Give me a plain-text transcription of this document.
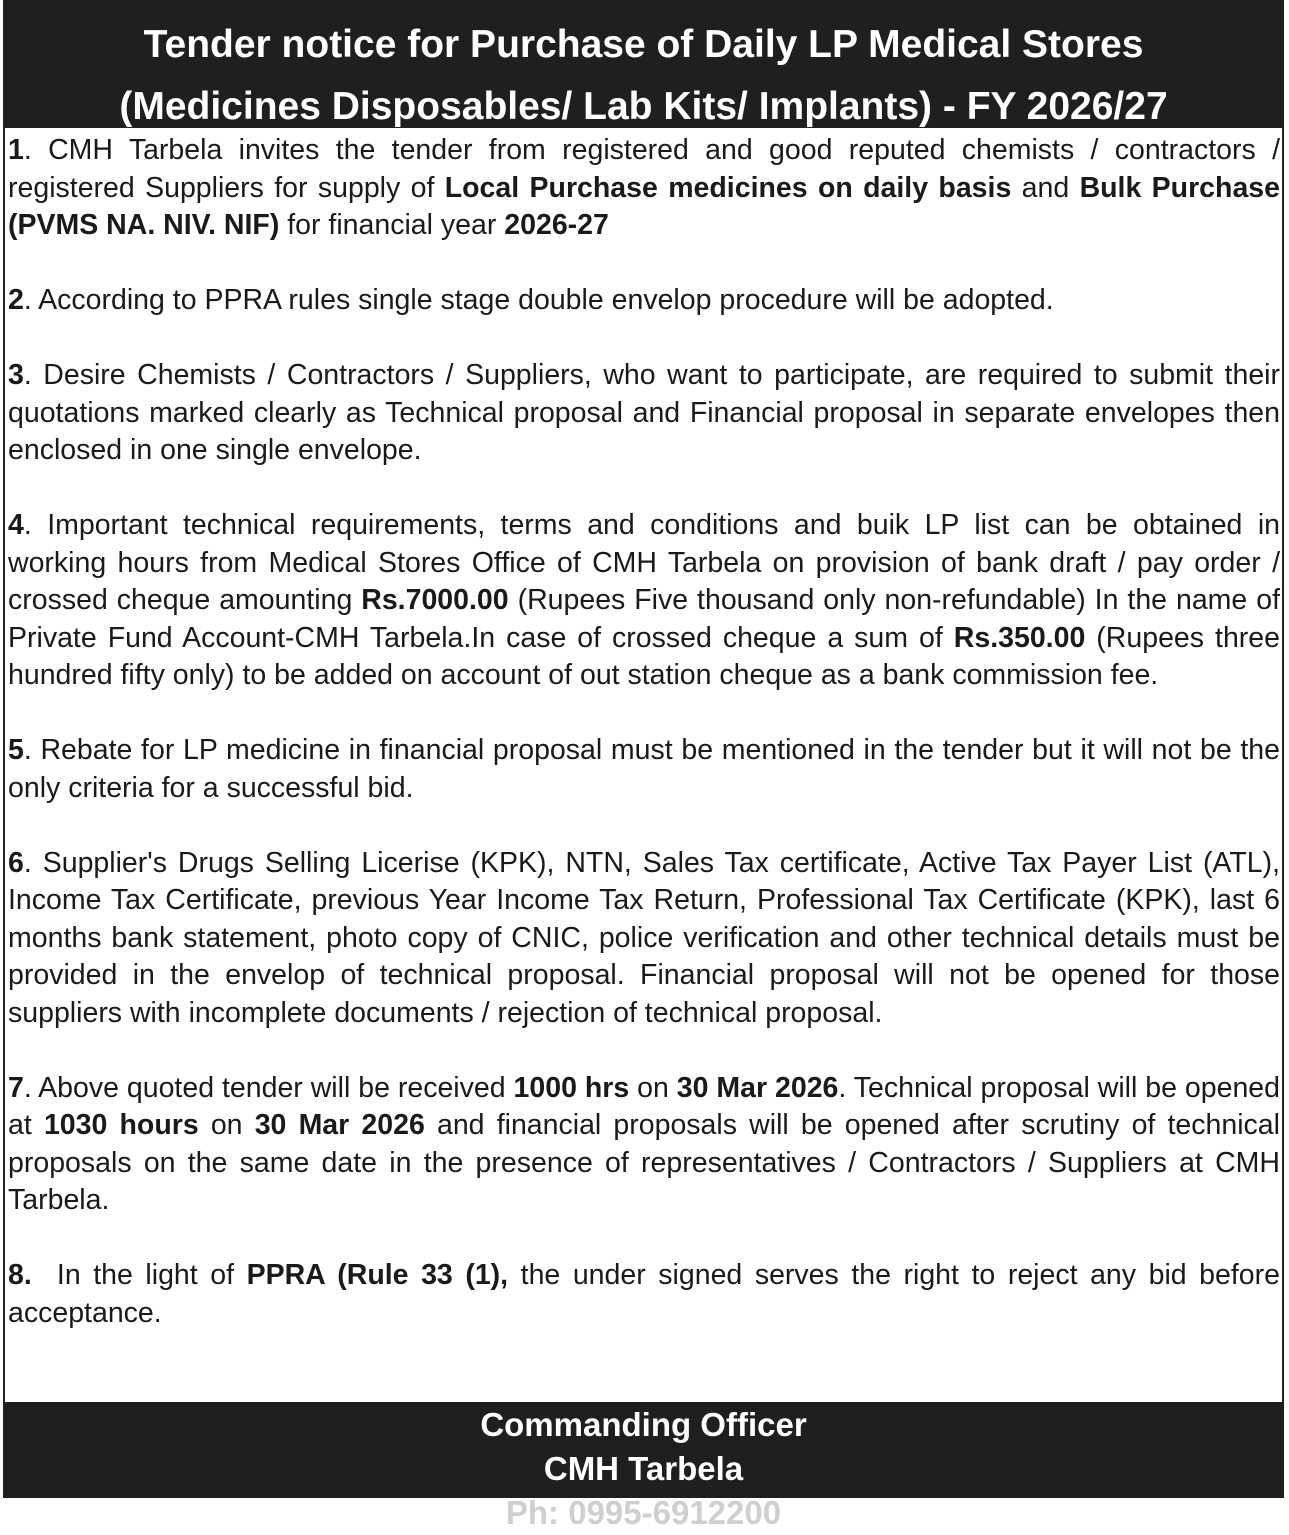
Tender notice for Purchase of Daily LP Medical Stores
(Medicines Disposables/ Lab Kits/ Implants) - FY 2026/27

1. CMH Tarbela invites the tender from registered and good reputed chemists / contractors / registered Suppliers for supply of Local Purchase medicines on daily basis and Bulk Purchase (PVMS NA. NIV. NIF) for financial year 2026-27

2. According to PPRA rules single stage double envelop procedure will be adopted.

3. Desire Chemists / Contractors / Suppliers, who want to participate, are required to submit their quotations marked clearly as Technical proposal and Financial proposal in separate envelopes then enclosed in one single envelope.

4. Important technical requirements, terms and conditions and buik LP list can be obtained in working hours from Medical Stores Office of CMH Tarbela on provision of bank draft / pay order / crossed cheque amounting Rs.7000.00 (Rupees Five thousand only non-refundable) In the name of Private Fund Account-CMH Tarbela.In case of crossed cheque a sum of Rs.350.00 (Rupees three hundred fifty only) to be added on account of out station cheque as a bank commission fee.

5. Rebate for LP medicine in financial proposal must be mentioned in the tender but it will not be the only criteria for a successful bid.

6. Supplier's Drugs Selling Licerise (KPK), NTN, Sales Tax certificate, Active Tax Payer List (ATL), Income Tax Certificate, previous Year Income Tax Return, Professional Tax Certificate (KPK), last 6 months bank statement, photo copy of CNIC, police verification and other technical details must be provided in the envelop of technical proposal. Financial proposal will not be opened for those suppliers with incomplete documents / rejection of technical proposal.

7. Above quoted tender will be received 1000 hrs on 30 Mar 2026. Technical proposal will be opened at 1030 hours on 30 Mar 2026 and financial proposals will be opened after scrutiny of technical proposals on the same date in the presence of representatives / Contractors / Suppliers at CMH Tarbela.

8.  In the light of PPRA (Rule 33 (1), the under signed serves the right to reject any bid before acceptance.

Commanding Officer
CMH Tarbela
Ph: 0995-6912200
